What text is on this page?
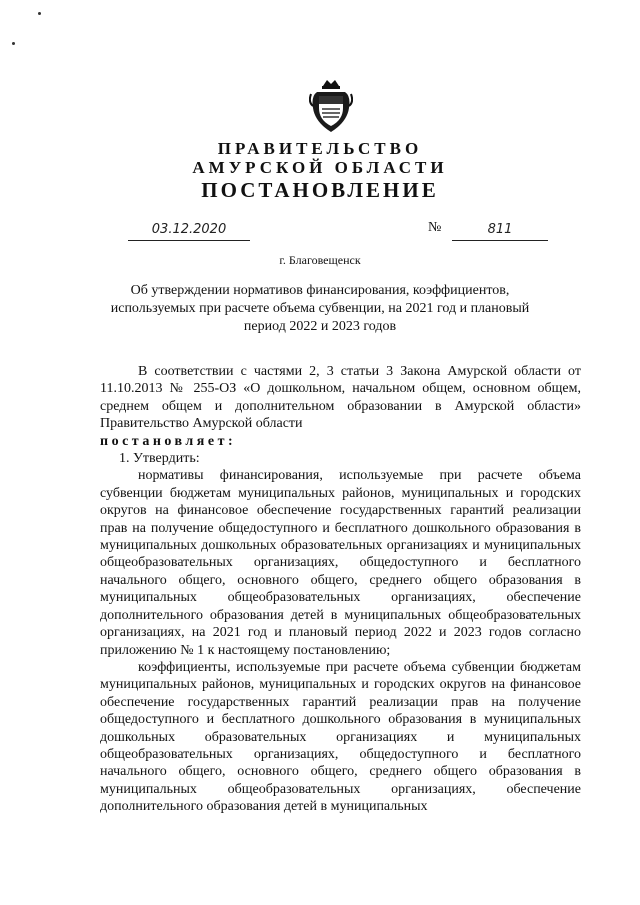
ПРАВИТЕЛЬСТВО
АМУРСКОЙ ОБЛАСТИ
ПОСТАНОВЛЕНИЕ
03.12.2020	№	811
г. Благовещенск
Об утверждении нормативов финансирования, коэффициентов, используемых при расчете объема субвенции, на 2021 год и плановый период 2022 и 2023 годов

В соответствии с частями 2, 3 статьи 3 Закона Амурской области от 11.10.2013 № 255-ОЗ «О дошкольном, начальном общем, основном общем, среднем общем и дополнительном образовании в Амурской области» Правительство Амурской области

постановляет:

1. Утвердить:

нормативы финансирования, используемые при расчете объема субвенции бюджетам муниципальных районов, муниципальных и городских округов на финансовое обеспечение государственных гарантий реализации прав на получение общедоступного и бесплатного дошкольного образования в муниципальных дошкольных образовательных организациях и муниципальных общеобразовательных организациях, общедоступного и бесплатного начального общего, основного общего, среднего общего образования в муниципальных общеобразовательных организациях, обеспечение дополнительного образования детей в муниципальных общеобразовательных организациях, на 2021 год и плановый период 2022 и 2023 годов согласно приложению № 1 к настоящему постановлению;

коэффициенты, используемые при расчете объема субвенции бюджетам муниципальных районов, муниципальных и городских округов на финансовое обеспечение государственных гарантий реализации прав на получение общедоступного и бесплатного дошкольного образования в муниципальных дошкольных образовательных организациях и муниципальных общеобразовательных организациях, общедоступного и бесплатного начального общего, основного общего, среднего общего образования в муниципальных общеобразовательных организациях, обеспечение дополнительного образования детей в муниципальных
